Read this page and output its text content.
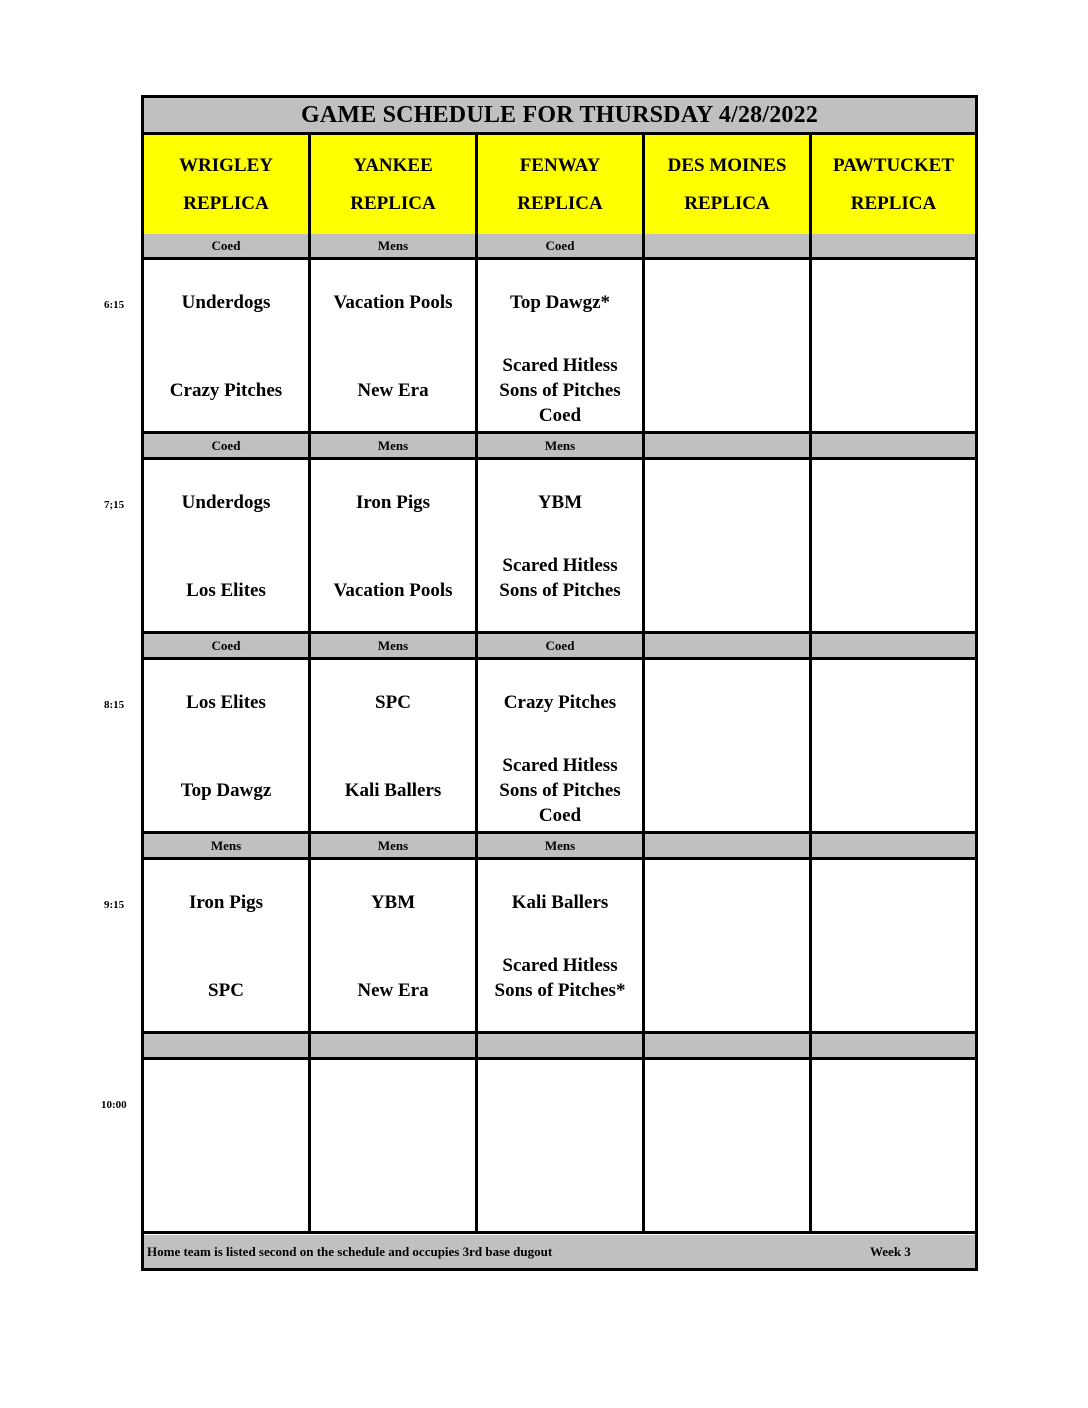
GAME SCHEDULE FOR THURSDAY 4/28/2022
Home team is listed second on the schedule and occupies 3rd base dugout	Week 3
WRIGLEY
REPLICA
YANKEE
REPLICA
FENWAY
REPLICA
DES MOINES
REPLICA
PAWTUCKET
REPLICA
Coed
Underdogs
Crazy Pitches
Mens
Vacation Pools
New Era
Coed
Top Dawgz*
Scared Hitless
Sons of Pitches
Coed
Coed
Underdogs
Los Elites
Mens
Iron Pigs
Vacation Pools
Mens
YBM
Scared Hitless
Sons of Pitches
Coed
Los Elites
Top Dawgz
Mens
SPC
Kali Ballers
Coed
Crazy Pitches
Scared Hitless
Sons of Pitches
Coed
Mens
Iron Pigs
SPC
Mens
YBM
New Era
Mens
Kali Ballers
Scared Hitless
Sons of Pitches*
6:15
7;15
8:15
9:15
10:00
